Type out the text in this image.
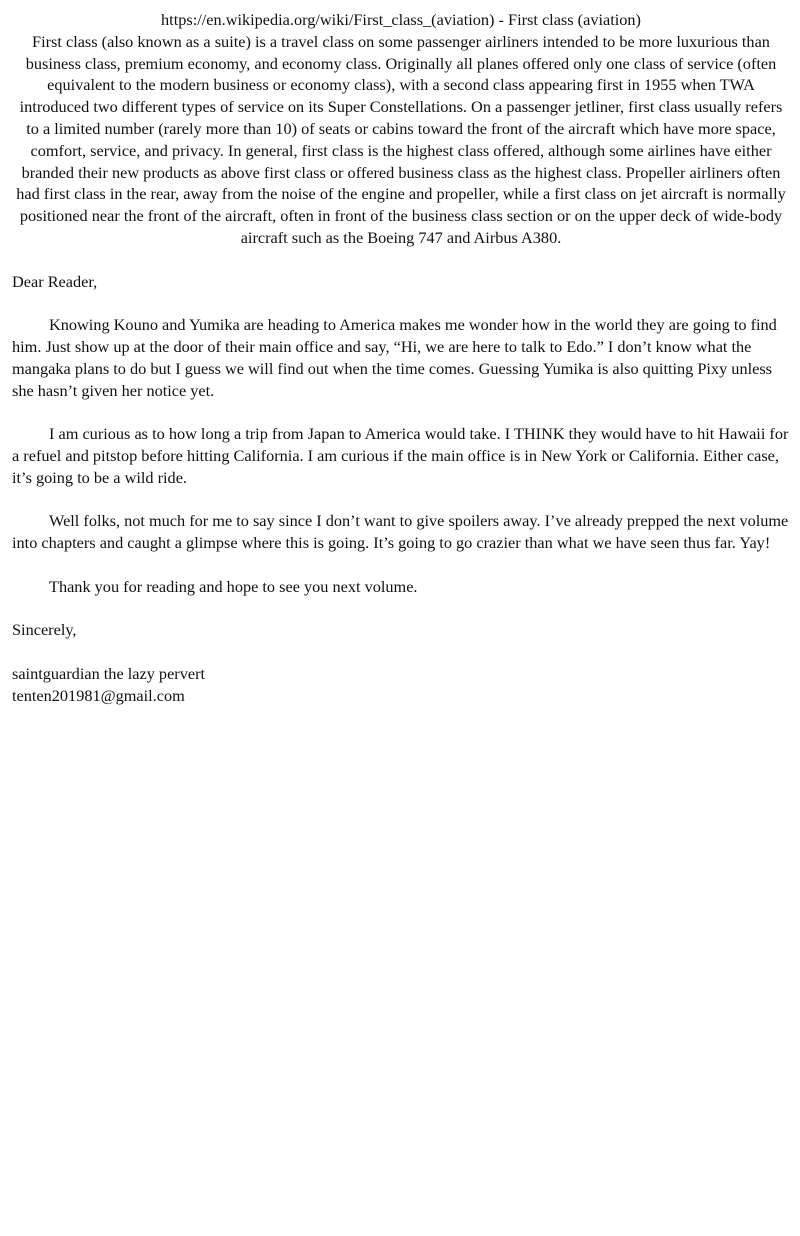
https://en.wikipedia.org/wiki/First_class_(aviation) - First class (aviation)
First class (also known as a suite) is a travel class on some passenger airliners intended to be more luxurious than business class, premium economy, and economy class. Originally all planes offered only one class of service (often equivalent to the modern business or economy class), with a second class appearing first in 1955 when TWA introduced two different types of service on its Super Constellations. On a passenger jetliner, first class usually refers to a limited number (rarely more than 10) of seats or cabins toward the front of the aircraft which have more space, comfort, service, and privacy. In general, first class is the highest class offered, although some airlines have either branded their new products as above first class or offered business class as the highest class. Propeller airliners often had first class in the rear, away from the noise of the engine and propeller, while a first class on jet aircraft is normally positioned near the front of the aircraft, often in front of the business class section or on the upper deck of wide-body aircraft such as the Boeing 747 and Airbus A380.

Dear Reader,

Knowing Kouno and Yumika are heading to America makes me wonder how in the world they are going to find him. Just show up at the door of their main office and say, “Hi, we are here to talk to Edo.” I don’t know what the mangaka plans to do but I guess we will find out when the time comes. Guessing Yumika is also quitting Pixy unless she hasn’t given her notice yet.

I am curious as to how long a trip from Japan to America would take. I THINK they would have to hit Hawaii for a refuel and pitstop before hitting California. I am curious if the main office is in New York or California. Either case, it’s going to be a wild ride.

Well folks, not much for me to say since I don’t want to give spoilers away. I’ve already prepped the next volume into chapters and caught a glimpse where this is going. It’s going to go crazier than what we have seen thus far. Yay!

Thank you for reading and hope to see you next volume.

Sincerely,

saintguardian the lazy pervert

tenten201981@gmail.com
